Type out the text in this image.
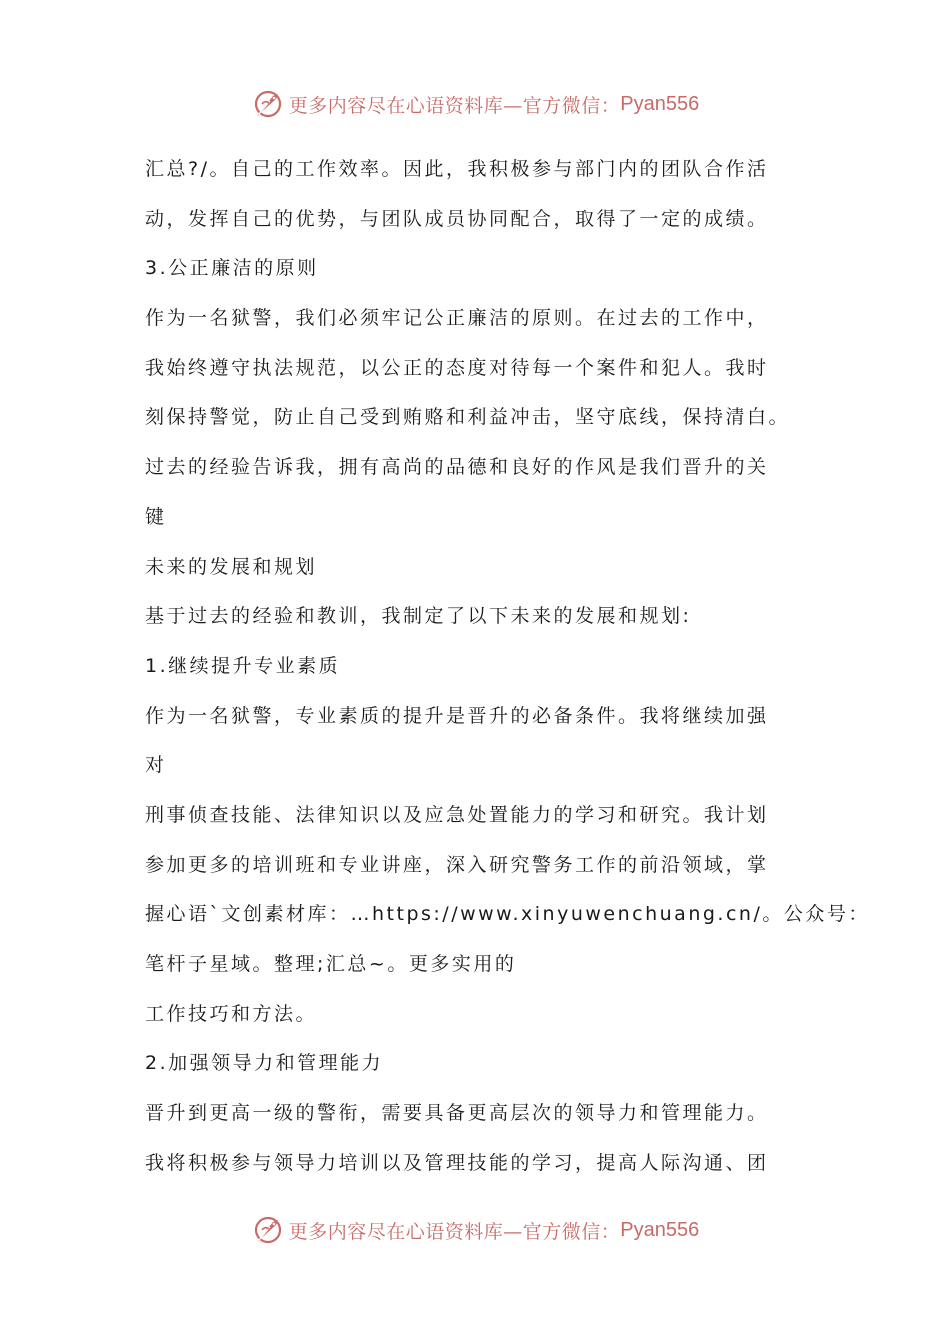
更多内容尽在心语资料库—官方微信： Pyan556
汇总?/。自己的工作效率。因此，我积极参与部门内的团队合作活
动，发挥自己的优势，与团队成员协同配合，取得了一定的成绩。
3.公正廉洁的原则
作为一名狱警，我们必须牢记公正廉洁的原则。在过去的工作中，
我始终遵守执法规范，以公正的态度对待每一个案件和犯人。我时
刻保持警觉，防止自己受到贿赂和利益冲击，坚守底线，保持清白。
过去的经验告诉我，拥有高尚的品德和良好的作风是我们晋升的关
键
未来的发展和规划
基于过去的经验和教训，我制定了以下未来的发展和规划:
1.继续提升专业素质
作为一名狱警，专业素质的提升是晋升的必备条件。我将继续加强
对
刑事侦查技能、法律知识以及应急处置能力的学习和研究。我计划
参加更多的培训班和专业讲座，深入研究警务工作的前沿领域，掌
握心语`文创素材库：…https://www.xinyuwenchuang.cn/。公众号：
笔杆子星域。整理;汇总~。更多实用的
工作技巧和方法。
2.加强领导力和管理能力
晋升到更高一级的警衔，需要具备更高层次的领导力和管理能力。
我将积极参与领导力培训以及管理技能的学习，提高人际沟通、团
更多内容尽在心语资料库—官方微信： Pyan556
